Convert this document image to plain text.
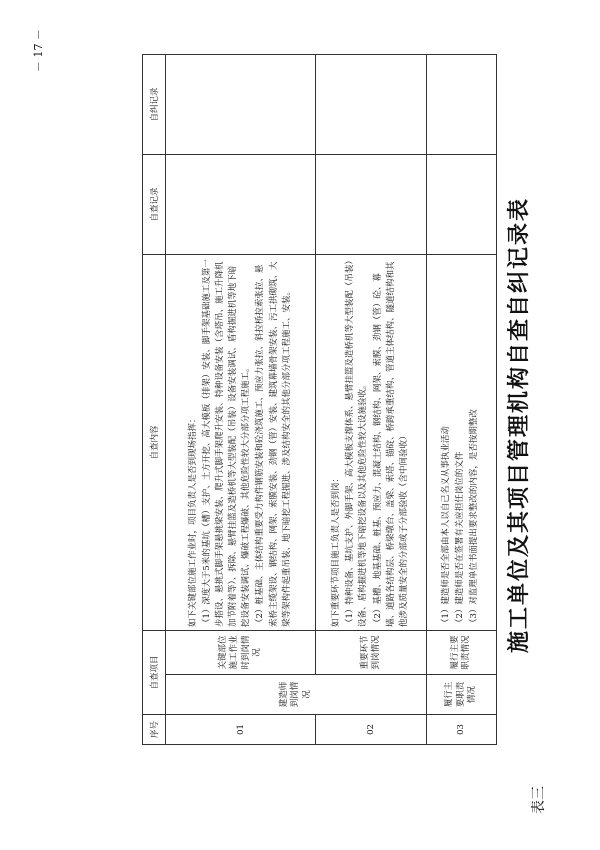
－ 17 －
序号	自查项目		自查内容	自查记录	自纠记录
01	建造师到岗情况	关键部位施工作业时到岗情况	如下关键部位施工作业时，项目负责人是否到现场指挥： （1）深度大于5米的基坑（槽）支护、土方开挖、高大模板（排架）安装、脚手架基础施工及第一步搭设、悬挑式脚手架悬挑梁安装、爬升式脚手架爬升安装、特种设备安装（含塔吊、施工升降机加节附着等）、拆除、悬臂挂篮及造桥机等大型装配（吊装）设备安装调试、盾构掘进机等地下暗挖设备安装调试、爆破工程爆破、其他危险性较大分部分项工程施工。 （2）桩基础、主体结构重要受力构件钢筋安装和砼浇筑施工、预应力张拉、斜拉桥拉索张拉、悬索桥主缆架设、钢结构、网架、索膜安装、劲钢（管）安装、建筑幕墙骨架安装、污工拱砌筑、大梁等架构件起重吊装、地下暗挖工程掘进、涉及结构安全的其他分部分项工程施工、安装。		

02		重要环节到岗情况	如下重要环节项目施工负责人是否到岗： （1）特种设备、基坑支护、外脚手架、高大模板支撑体系、悬臂挂篮及造桥机等大型装配（吊装）设备、盾构掘进机等地下暗挖设备以及其他危险性较大设施验收。 （2）基槽、地基基础、桩基、预应力、混凝土结构、钢结构、网架、索膜、劲钢（管）砼、幕墙、道路各结构层、桥梁墩台、盖梁、索塔、锚碇、桥跨承重结构、管道主体结构、隧道结构和其他涉及质量安全的分部或子分部验收（含中间验收）		

03	履行主要职责情况	履行主要职责情况	（1）建造师是否全部由本人以自己名义从事执业活动 （2）建造师是否在签署有关应担任岗位的文件 （3）对监理单位书面提出要求整改的内容，是否按期整改		

		施工单位及其项目管理机构自查自纠记录表
表三
